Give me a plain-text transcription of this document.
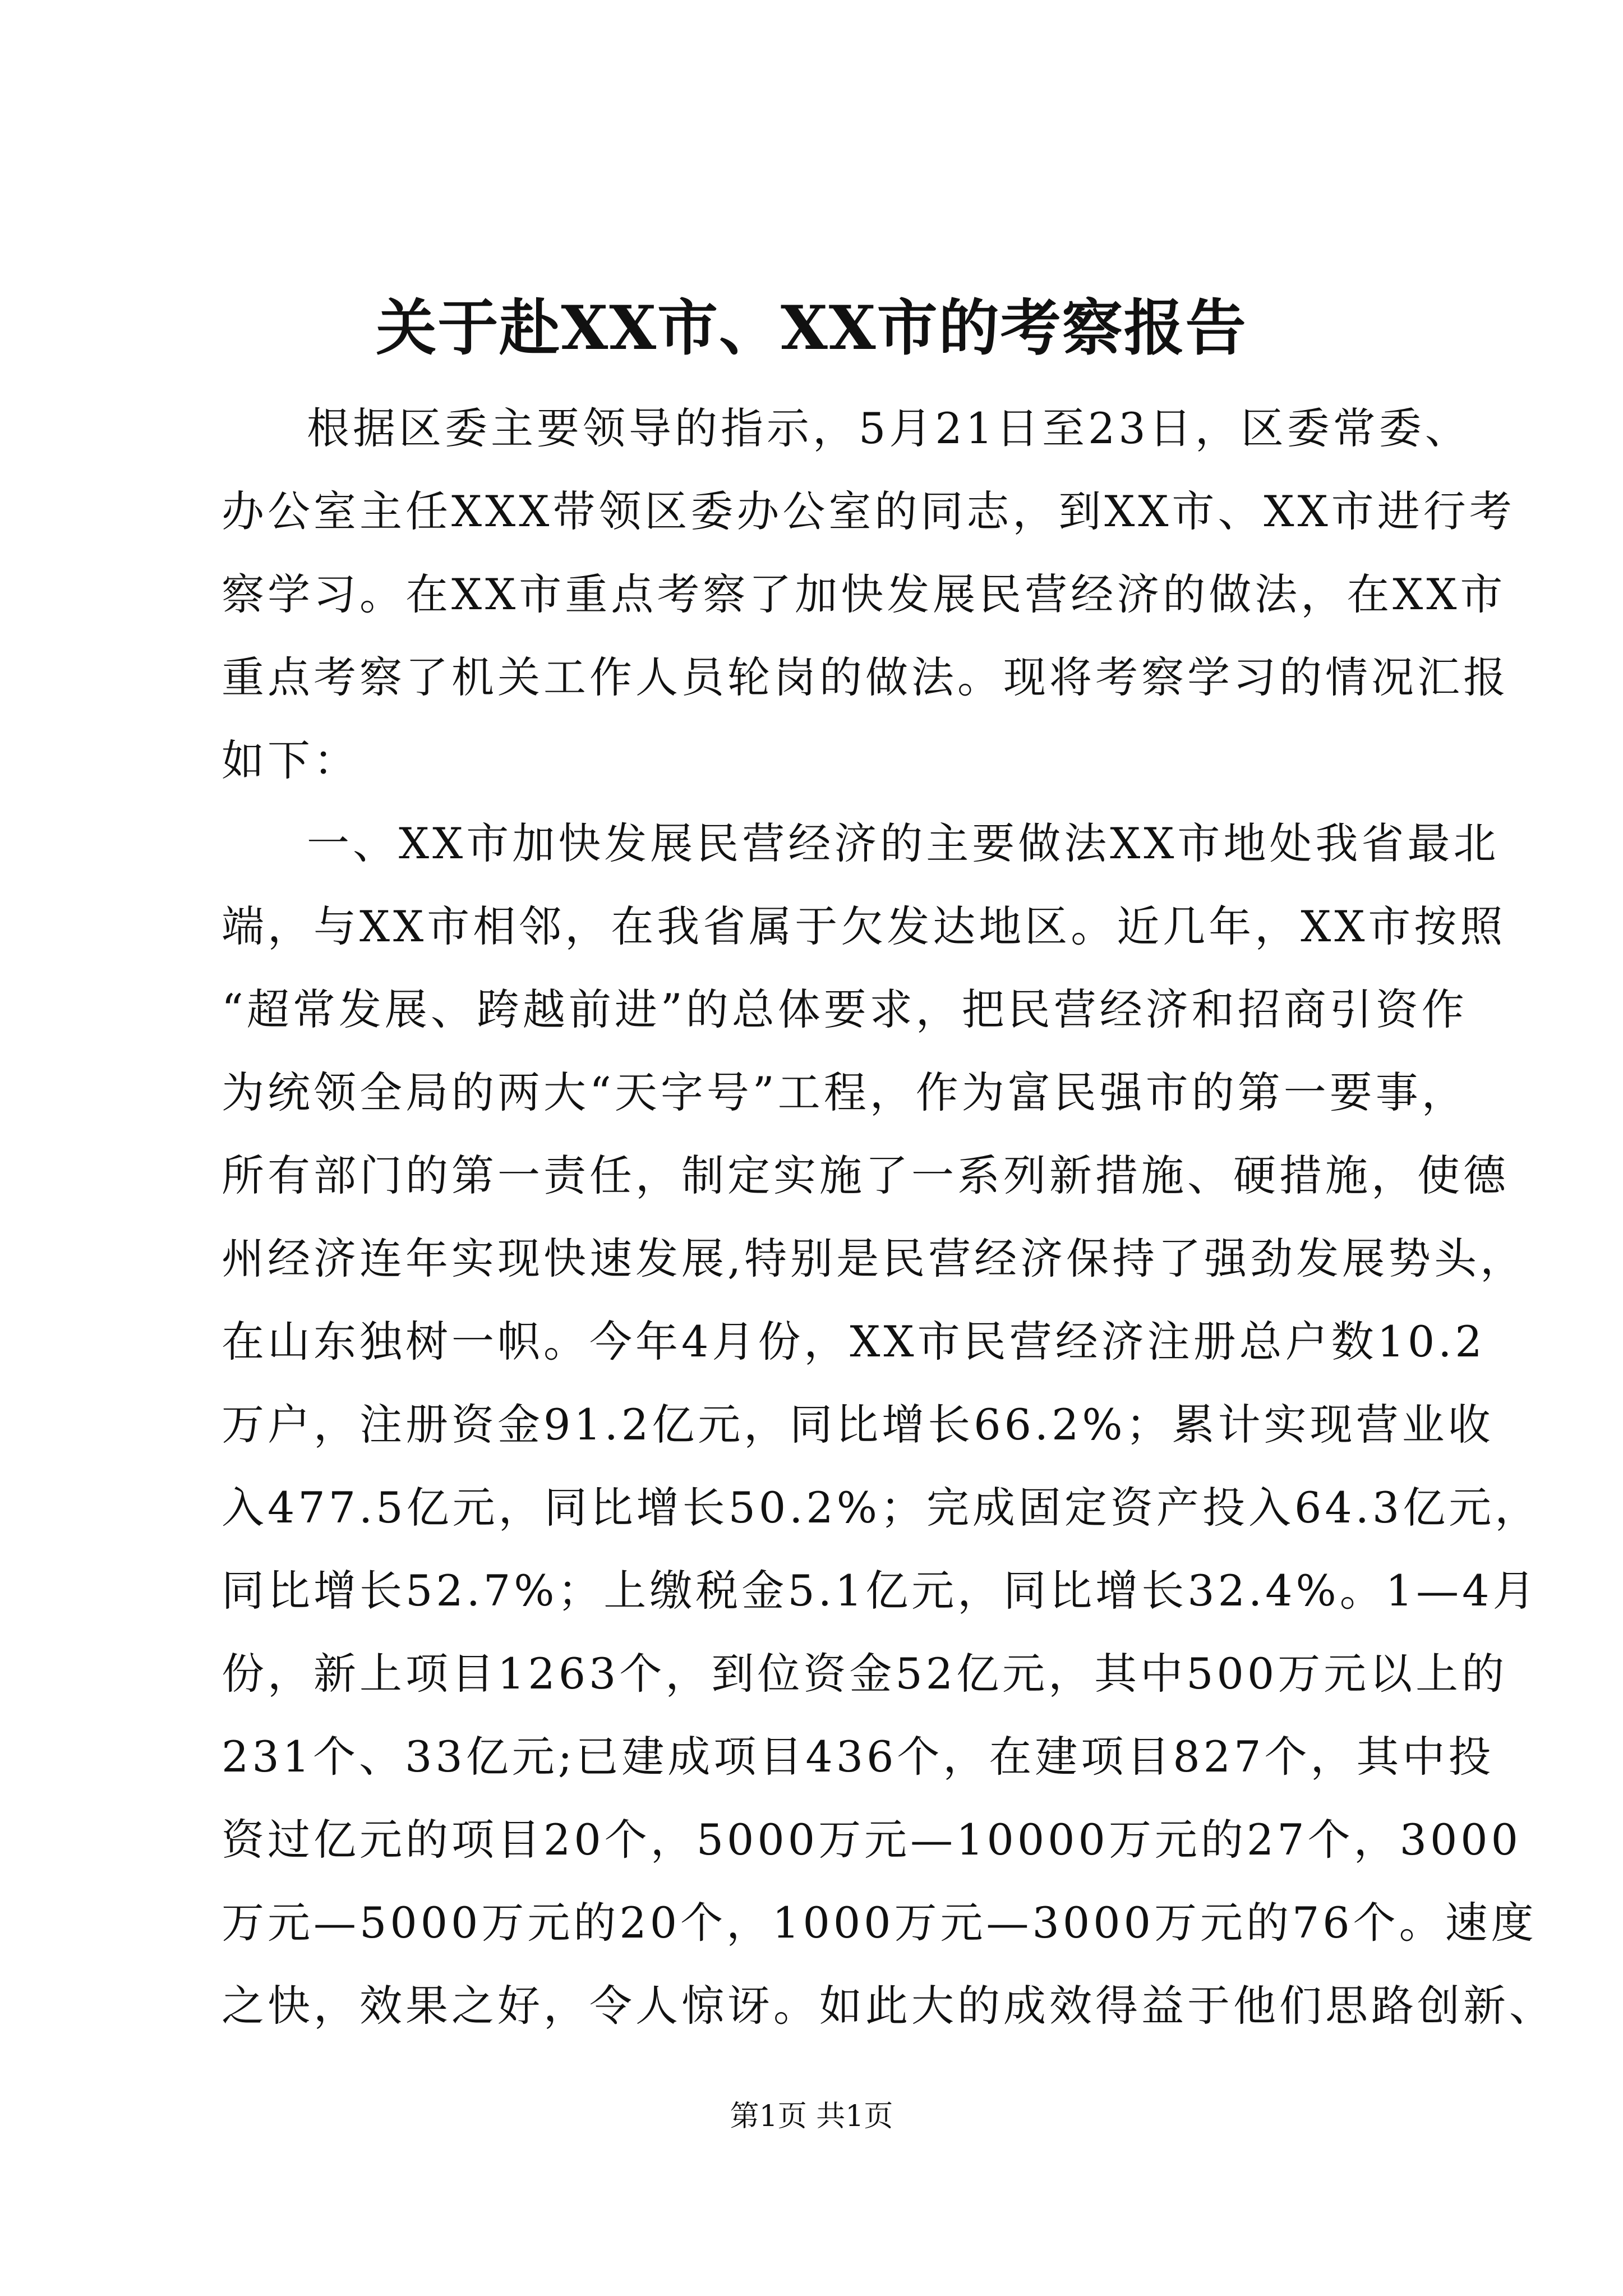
关于赴XX市、XX市的考察报告
根据区委主要领导的指示，5月21日至23日，区委常委、
办公室主任XXX带领区委办公室的同志，到XX市、XX市进行考
察学习。在XX市重点考察了加快发展民营经济的做法，在XX市
重点考察了机关工作人员轮岗的做法。现将考察学习的情况汇报
如下：
一、XX市加快发展民营经济的主要做法XX市地处我省最北
端，与XX市相邻，在我省属于欠发达地区。近几年，XX市按照
“超常发展、跨越前进”的总体要求，把民营经济和招商引资作
为统领全局的两大“天字号”工程，作为富民强市的第一要事，
所有部门的第一责任，制定实施了一系列新措施、硬措施，使德
州经济连年实现快速发展,特别是民营经济保持了强劲发展势头，
在山东独树一帜。今年4月份，XX市民营经济注册总户数10.2
万户，注册资金91.2亿元，同比增长66.2%；累计实现营业收
入477.5亿元，同比增长50.2%；完成固定资产投入64.3亿元，
同比增长52.7%；上缴税金5.1亿元，同比增长32.4%。1—4月
份，新上项目1263个，到位资金52亿元，其中500万元以上的
231个、33亿元;已建成项目436个，在建项目827个，其中投
资过亿元的项目20个，5000万元—10000万元的27个，3000
万元—5000万元的20个，1000万元—3000万元的76个。速度
之快，效果之好，令人惊讶。如此大的成效得益于他们思路创新、
第1页 共1页
